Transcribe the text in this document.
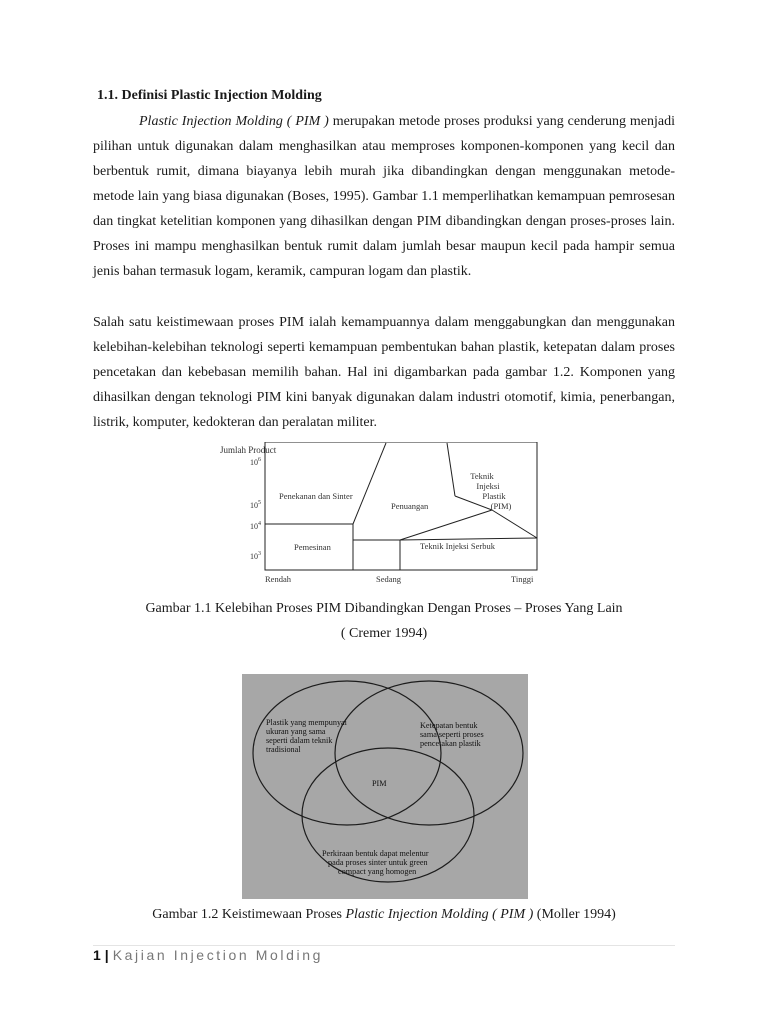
1.1. Definisi Plastic Injection Molding

Plastic Injection Molding ( PIM ) merupakan metode proses produksi yang cenderung menjadi pilihan untuk digunakan dalam menghasilkan atau memproses komponen-komponen yang kecil dan berbentuk rumit, dimana biayanya lebih murah jika dibandingkan dengan menggunakan metode-metode lain yang biasa digunakan (Boses, 1995). Gambar 1.1 memperlihatkan kemampuan pemrosesan dan tingkat ketelitian komponen yang dihasilkan dengan PIM dibandingkan dengan proses-proses lain. Proses ini mampu menghasilkan bentuk rumit dalam jumlah besar maupun kecil pada hampir semua jenis bahan termasuk logam, keramik, campuran logam dan plastik.

Salah satu keistimewaan proses PIM ialah kemampuannya dalam menggabungkan dan menggunakan kelebihan-kelebihan teknologi seperti kemampuan pembentukan bahan plastik, ketepatan dalam proses pencetakan dan kebebasan memilih bahan. Hal ini digambarkan pada gambar 1.2. Komponen yang dihasilkan dengan teknologi PIM kini banyak digunakan dalam industri otomotif, kimia, penerbangan, listrik, komputer, kedokteran dan peralatan militer.

Jumlah Product
$10^6$
$10^5$
$10^4$
$10^3$
Penekanan dan Sinter
Penuangan
Teknik
Injeksi
Plastik
(PIM)
Pemesinan	Teknik Injeksi Serbuk
Rendah	Sedang	Tinggi
Gambar 1.1 Kelebihan Proses PIM Dibandingkan Dengan Proses – Proses Yang Lain
( Cremer 1994)
Plastik yang mempunyai
ukuran yang sama
seperti dalam teknik
tradisional
Ketepatan bentuk
sama seperti proses
pencetakan plastik
PIM
Perkiraan bentuk dapat melentur
pada proses sinter untuk green
compact yang homogen
Gambar 1.2 Keistimewaan Proses Plastic Injection Molding ( PIM ) (Moller 1994)
1 | Kajian Injection Molding
